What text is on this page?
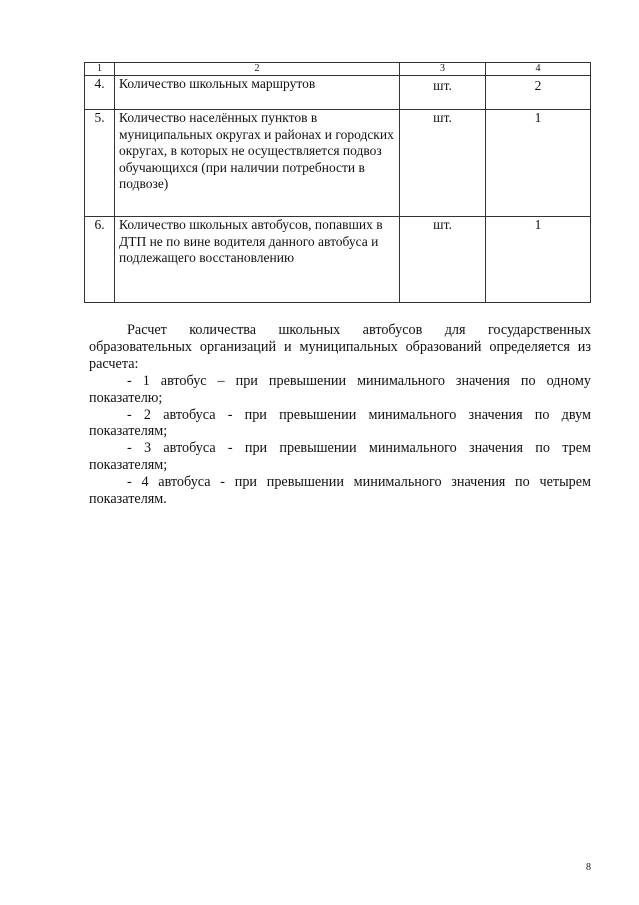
1	2	3	4
4.	Количество школьных маршрутов	шт.	2
5.	Количество населённых пунктов в муниципальных округах и районах и городских округах, в которых не осуществляется подвоз обучающихся (при наличии потребности в подвозе)	шт.	1
6.	Количество школьных автобусов, попавших в ДТП не по вине водителя данного автобуса и подлежащего восстановлению	шт.	1

Расчет количества школьных автобусов для государственных образовательных организаций и муниципальных образований определяется из расчета:

- 1 автобус – при превышении минимального значения по одному показателю;

- 2 автобуса - при превышении минимального значения по двум показателям;

- 3 автобуса - при превышении минимального значения по трем показателям;

- 4 автобуса - при превышении минимального значения по четырем показателям.

8
